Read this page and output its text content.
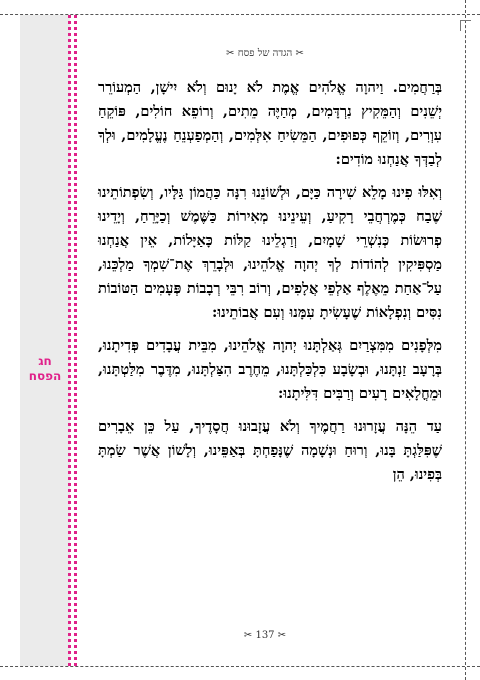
חג
הפסח
✂ הגדה של פסח ✂

בְּרַחֲמִים. וַיהוָה אֱלֹהִים אֱמֶת לֹא יָנוּם וְלֹא יִישָׁן, הַמְעוֹרֵר יְשֵׁנִים וְהַמֵּקִיץ נִרְדָּמִים, מְחַיֶּה מֵתִים, וְרוֹפֵא חוֹלִים, פּוֹקֵחַ עִוְרִים, וְזוֹקֵף כְּפוּפִים, הַמֵּשִׂיחַ אִלְּמִים, וְהַמְפַעְנֵחַ נֶעֱלָמִים, וּלְךָ לְבַדְּךָ אֲנַחְנוּ מוֹדִים:

וְאִלּוּ פִינוּ מָלֵא שִׁירָה כַּיָּם, וּלְשׁוֹנֵנוּ רִנָּה כַּהֲמוֹן גַּלָּיו, וְשִׂפְתוֹתֵינוּ שֶׁבַח כְּמֶרְחֲבֵי רָקִיעַ, וְעֵינֵינוּ מְאִירוֹת כַּשֶּׁמֶשׁ וְכַיָּרֵחַ, וְיָדֵינוּ פְרוּשׂוֹת כְּנִשְׁרֵי שָׁמָיִם, וְרַגְלֵינוּ קַלּוֹת כָּאַיָּלוֹת, אֵין אֲנַחְנוּ מַסְפִּיקִין לְהוֹדוֹת לְךָ יְהוָה אֱלֹהֵינוּ, וּלְבָרֵךְ אֶת־שִׁמְךָ מַלְכֵּנוּ, עַל־אַחַת מֵאֶלֶף אַלְפֵי אֲלָפִים, וְרוֹב רִבֵּי רְבָבוֹת פְּעָמִים הַטּוֹבוֹת נִסִּים וְנִפְלָאוֹת שֶׁעָשִׂיתָ עִמָּנוּ וְעִם אֲבוֹתֵינוּ:

מִלְּפָנִים מִמִּצְרַיִם גְּאַלְתָּנוּ יְהוָה אֱלֹהֵינוּ, מִבֵּית עֲבָדִים פְּדִיתָנוּ, בְּרָעָב זַנְתָּנוּ, וּבְשָׂבָע כִּלְכַּלְתָּנוּ, מֵחֶרֶב הִצַּלְתָּנוּ, מִדֶּבֶר מִלַּטְתָּנוּ, וּמֵחֳלָאִים רָעִים וְרַבִּים דִּלִּיתָנוּ:

עַד הֵנָּה עֲזָרוּנוּ רַחֲמֶיךָ וְלֹא עֲזָבוּנוּ חֲסָדֶיךָ, עַל כֵּן אֵבָרִים שֶׁפִּלַּגְתָּ בָּנוּ, וְרוּחַ וּנְשָׁמָה שֶׁנָּפַחְתָּ בְּאַפֵּינוּ, וְלָשׁוֹן אֲשֶׁר שַׂמְתָּ בְּפִינוּ, הֵן

✂ 137 ✂
